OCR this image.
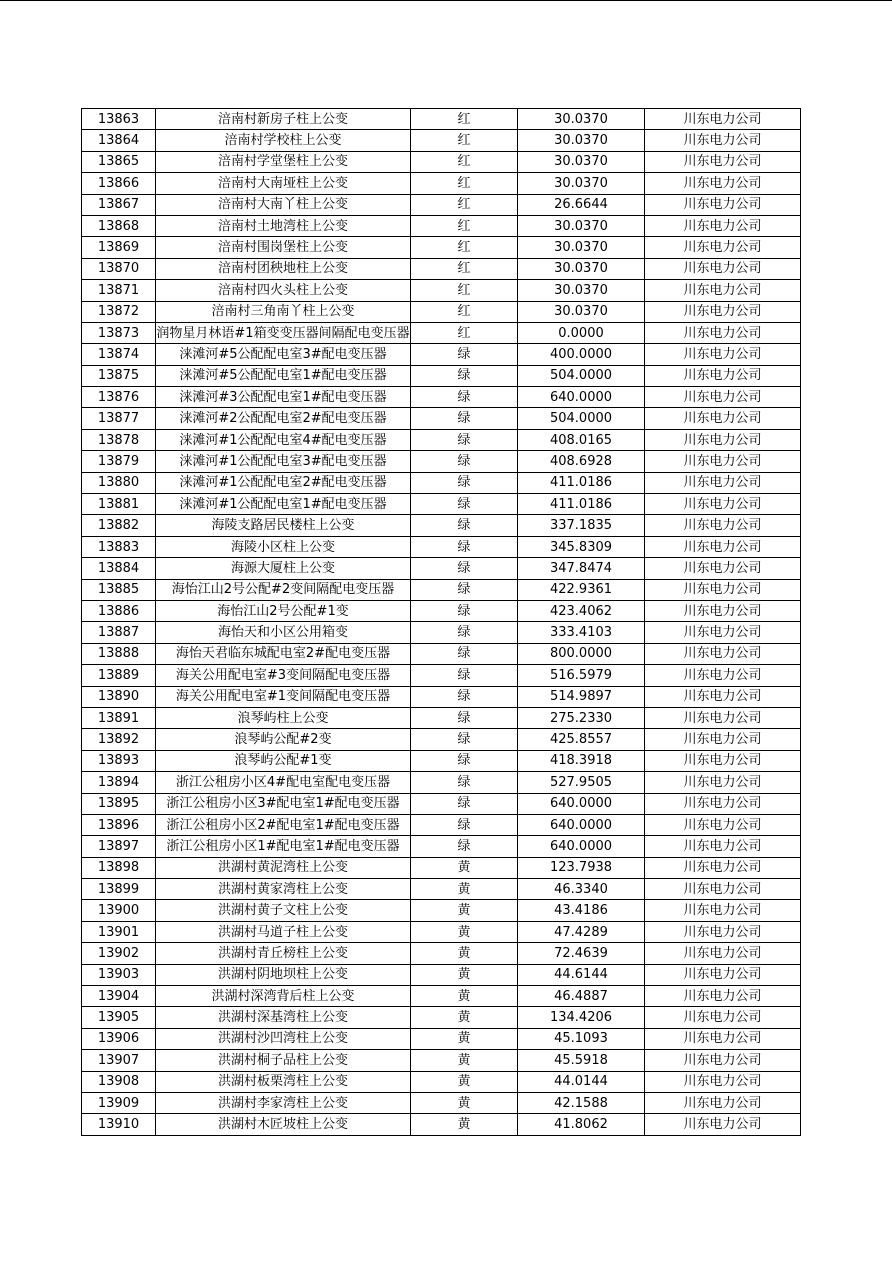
13863	涪南村新房子柱上公变	红	30.0370	川东电力公司
13864	涪南村学校柱上公变	红	30.0370	川东电力公司
13865	涪南村学堂堡柱上公变	红	30.0370	川东电力公司
13866	涪南村大南垭柱上公变	红	30.0370	川东电力公司
13867	涪南村大南丫柱上公变	红	26.6644	川东电力公司
13868	涪南村土地湾柱上公变	红	30.0370	川东电力公司
13869	涪南村围岗堡柱上公变	红	30.0370	川东电力公司
13870	涪南村团秧地柱上公变	红	30.0370	川东电力公司
13871	涪南村四火头柱上公变	红	30.0370	川东电力公司
13872	涪南村三角南丫柱上公变	红	30.0370	川东电力公司
13873	润物星月林语#1箱变变压器间隔配电变压器	红	0.0000	川东电力公司
13874	涞滩河#5公配配电室3#配电变压器	绿	400.0000	川东电力公司
13875	涞滩河#5公配配电室1#配电变压器	绿	504.0000	川东电力公司
13876	涞滩河#3公配配电室1#配电变压器	绿	640.0000	川东电力公司
13877	涞滩河#2公配配电室2#配电变压器	绿	504.0000	川东电力公司
13878	涞滩河#1公配配电室4#配电变压器	绿	408.0165	川东电力公司
13879	涞滩河#1公配配电室3#配电变压器	绿	408.6928	川东电力公司
13880	涞滩河#1公配配电室2#配电变压器	绿	411.0186	川东电力公司
13881	涞滩河#1公配配电室1#配电变压器	绿	411.0186	川东电力公司
13882	海陵支路居民楼柱上公变	绿	337.1835	川东电力公司
13883	海陵小区柱上公变	绿	345.8309	川东电力公司
13884	海源大厦柱上公变	绿	347.8474	川东电力公司
13885	海怡江山2号公配#2变间隔配电变压器	绿	422.9361	川东电力公司
13886	海怡江山2号公配#1变	绿	423.4062	川东电力公司
13887	海怡天和小区公用箱变	绿	333.4103	川东电力公司
13888	海怡天君临东城配电室2#配电变压器	绿	800.0000	川东电力公司
13889	海关公用配电室#3变间隔配电变压器	绿	516.5979	川东电力公司
13890	海关公用配电室#1变间隔配电变压器	绿	514.9897	川东电力公司
13891	浪琴屿柱上公变	绿	275.2330	川东电力公司
13892	浪琴屿公配#2变	绿	425.8557	川东电力公司
13893	浪琴屿公配#1变	绿	418.3918	川东电力公司
13894	浙江公租房小区4#配电室配电变压器	绿	527.9505	川东电力公司
13895	浙江公租房小区3#配电室1#配电变压器	绿	640.0000	川东电力公司
13896	浙江公租房小区2#配电室1#配电变压器	绿	640.0000	川东电力公司
13897	浙江公租房小区1#配电室1#配电变压器	绿	640.0000	川东电力公司
13898	洪湖村黄泥湾柱上公变	黄	123.7938	川东电力公司
13899	洪湖村黄家湾柱上公变	黄	46.3340	川东电力公司
13900	洪湖村黄子文柱上公变	黄	43.4186	川东电力公司
13901	洪湖村马道子柱上公变	黄	47.4289	川东电力公司
13902	洪湖村青丘榜柱上公变	黄	72.4639	川东电力公司
13903	洪湖村阴地坝柱上公变	黄	44.6144	川东电力公司
13904	洪湖村深湾背后柱上公变	黄	46.4887	川东电力公司
13905	洪湖村深基湾柱上公变	黄	134.4206	川东电力公司
13906	洪湖村沙凹湾柱上公变	黄	45.1093	川东电力公司
13907	洪湖村桐子品柱上公变	黄	45.5918	川东电力公司
13908	洪湖村板栗湾柱上公变	黄	44.0144	川东电力公司
13909	洪湖村李家湾柱上公变	黄	42.1588	川东电力公司
13910	洪湖村木匠坡柱上公变	黄	41.8062	川东电力公司
